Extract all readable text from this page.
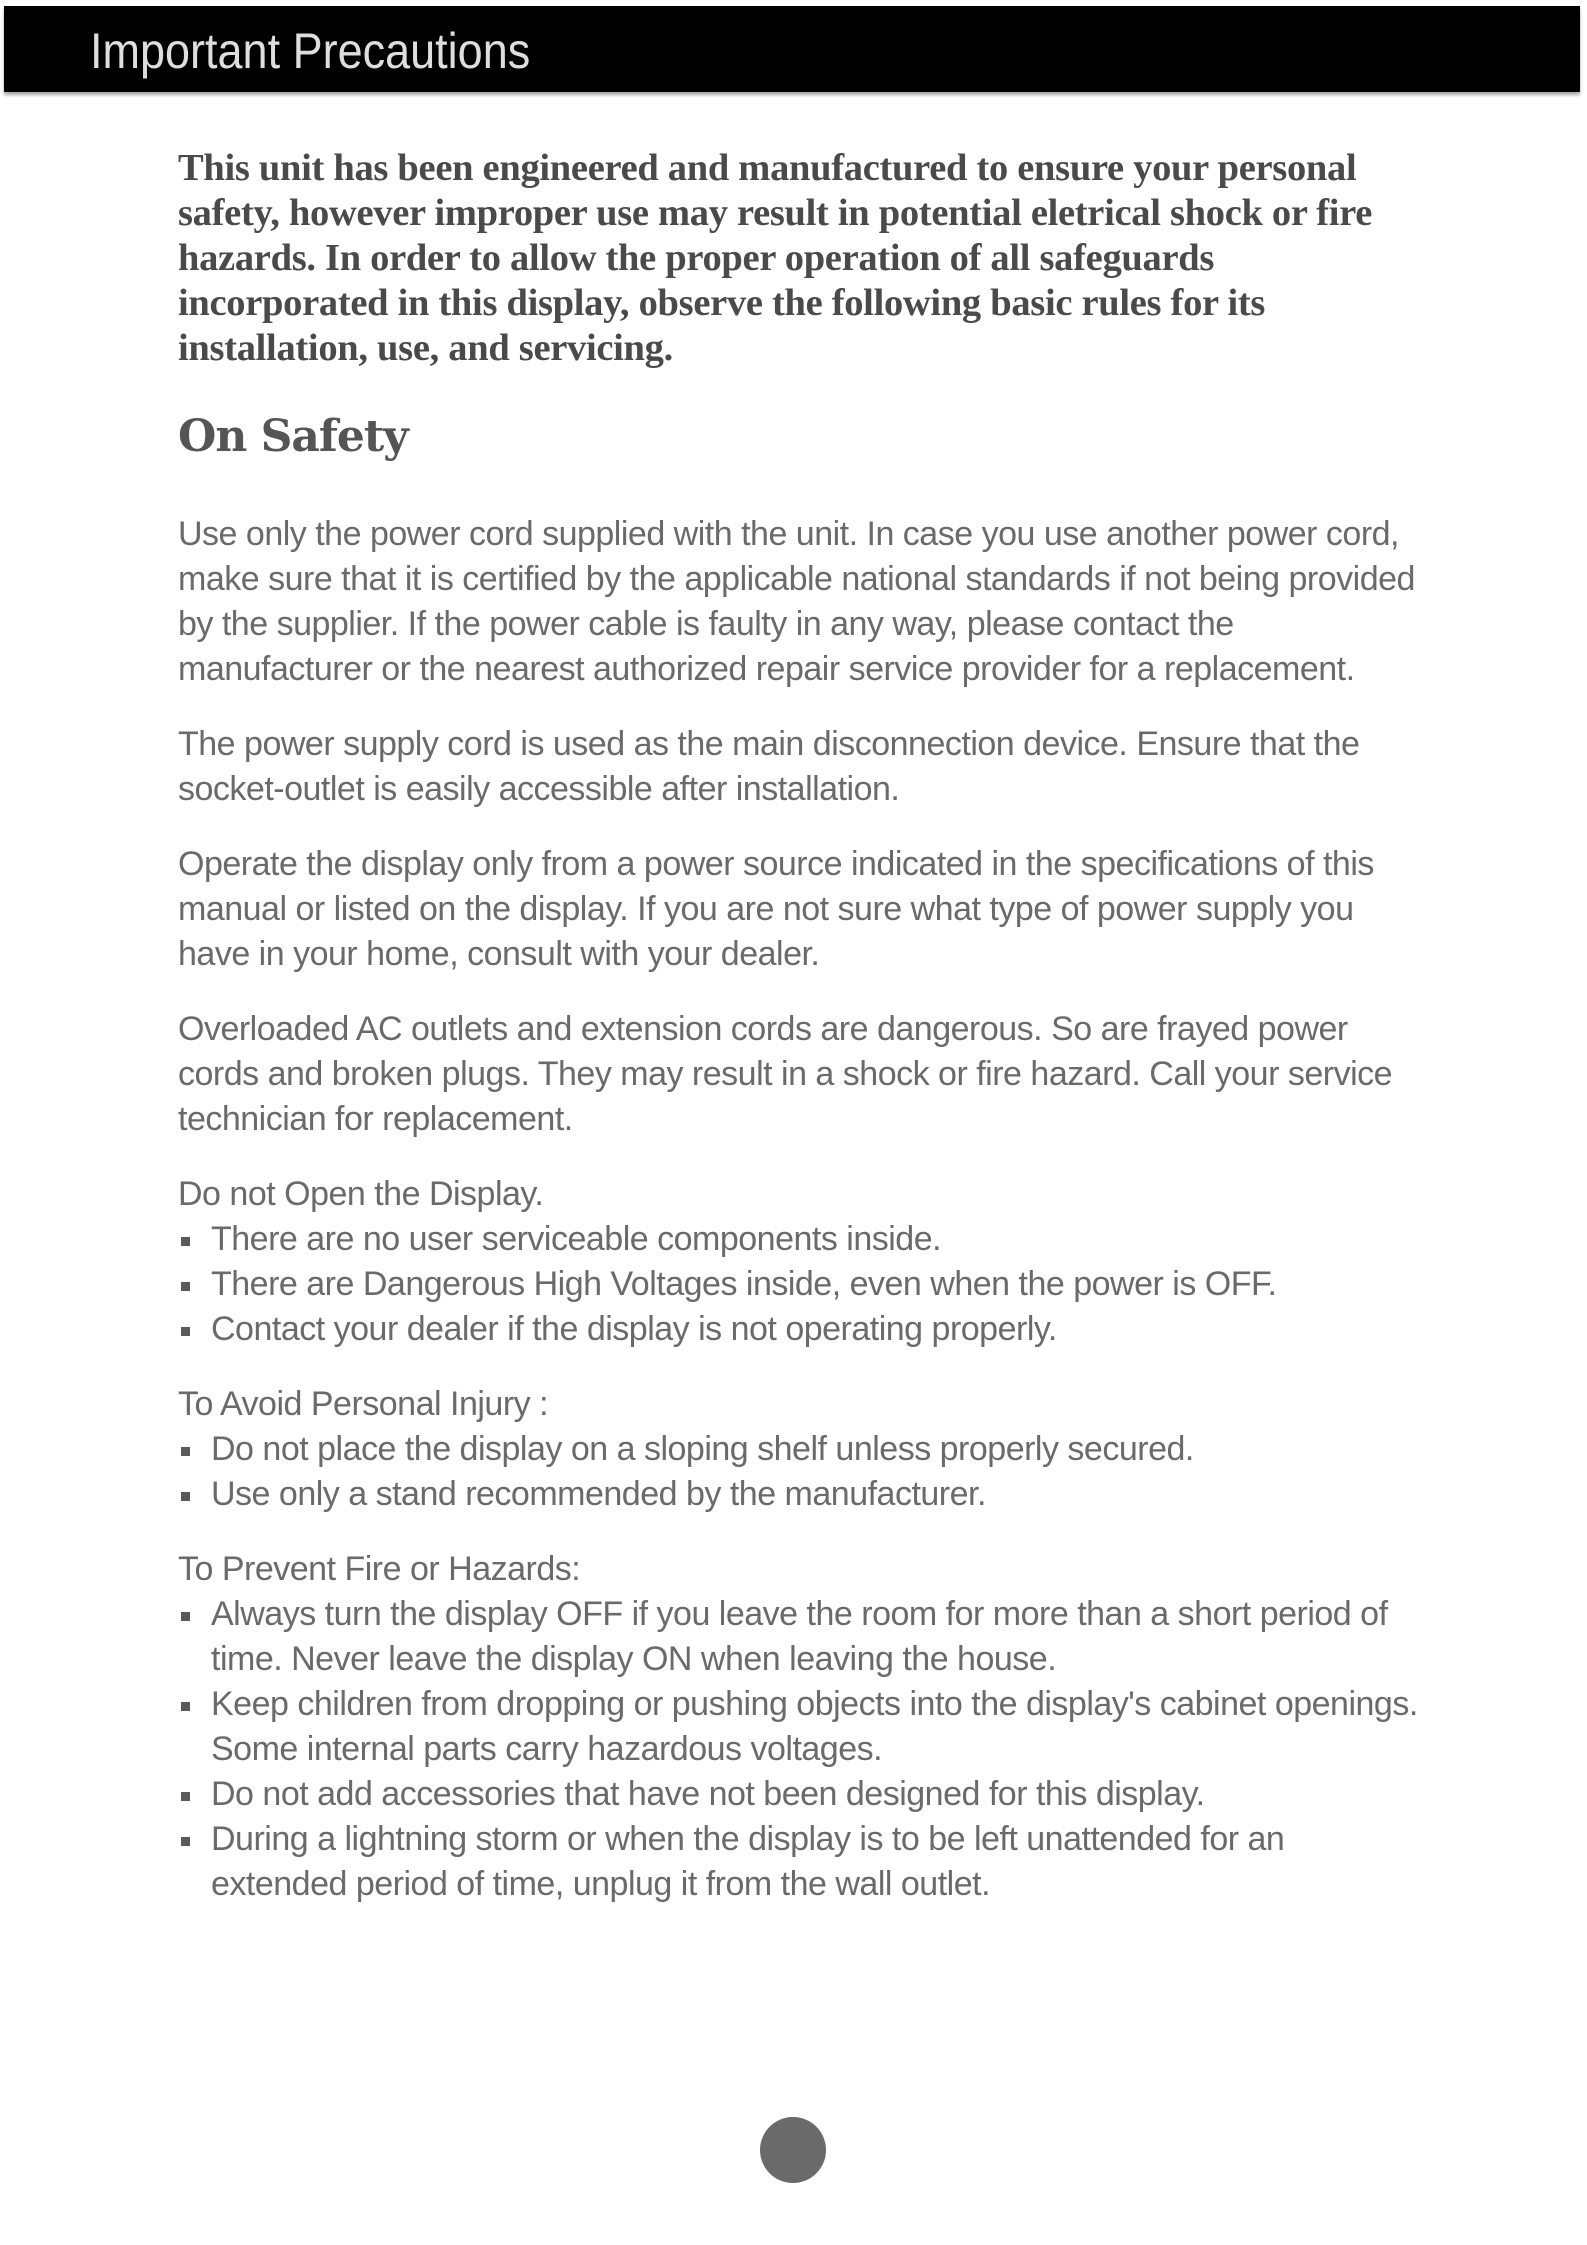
Important Precautions

This unit has been engineered and manufactured to ensure your personal safety, however improper use may result in potential eletrical shock or fire hazards. In order to allow the proper operation of all safeguards incorporated in this display, observe the following basic rules for its installation, use, and servicing.

On Safety

Use only the power cord supplied with the unit. In case you use another power cord, make sure that it is certified by the applicable national standards if not being provided by the supplier. If the power cable is faulty in any way, please contact the manufacturer or the nearest authorized repair service provider for a replacement.

The power supply cord is used as the main disconnection device. Ensure that the socket-outlet is easily accessible after installation.

Operate the display only from a power source indicated in the specifications of this manual or listed on the display. If you are not sure what type of power supply you have in your home, consult with your dealer.

Overloaded AC outlets and extension cords are dangerous. So are frayed power cords and broken plugs. They may result in a shock or fire hazard. Call your service technician for replacement.

Do not Open the Display.

There are no user serviceable components inside.
There are Dangerous High Voltages inside, even when the power is OFF.
Contact your dealer if the display is not operating properly.

To Avoid Personal Injury :

Do not place the display on a sloping shelf unless properly secured.
Use only a stand recommended by the manufacturer.

To Prevent Fire or Hazards:

Always turn the display OFF if you leave the room for more than a short period of time. Never leave the display ON when leaving the house.
Keep children from dropping or pushing objects into the display's cabinet openings. Some internal parts carry hazardous voltages.
Do not add accessories that have not been designed for this display.
During a lightning storm or when the display is to be left unattended for an extended period of time, unplug it from the wall outlet.
